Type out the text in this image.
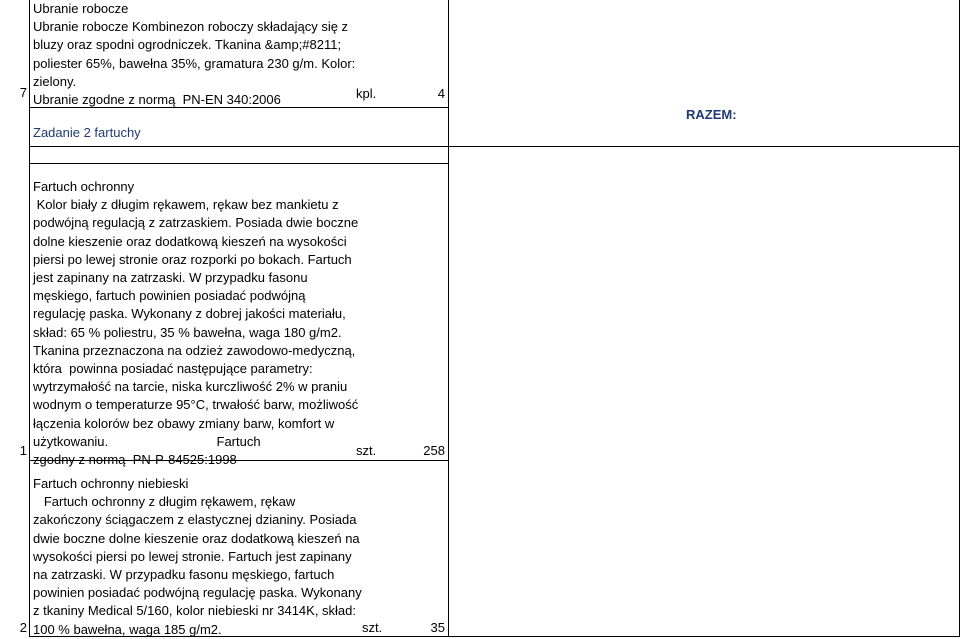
7
Ubranie robocze
Ubranie robocze Kombinezon roboczy składający się z
bluzy oraz spodni ogrodniczek. Tkanina &amp;#8211;
poliester 65%, bawełna 35%, gramatura 230 g/m. Kolor:
zielony.
Ubranie zgodne z normą  PN-EN 340:2006	kpl.	4
Zadanie 2 fartuchy
RAZEM:
1
Fartuch ochronny
Kolor biały z długim rękawem, rękaw bez mankietu z
podwójną regulacją z zatrzaskiem. Posiada dwie boczne
dolne kieszenie oraz dodatkową kieszeń na wysokości
piersi po lewej stronie oraz rozporki po bokach. Fartuch
jest zapinany na zatrzaski. W przypadku fasonu
męskiego, fartuch powinien posiadać podwójną
regulację paska. Wykonany z dobrej jakości materiału,
skład: 65 % poliestru, 35 % bawełna, waga 180 g/m2.
Tkanina przeznaczona na odzież zawodowo-medyczną,
która  powinna posiadać następujące parametry:
wytrzymałość na tarcie, niska kurczliwość 2% w praniu
wodnym o temperaturze 95°C, trwałość barw, możliwość
łączenia kolorów bez obawy zmiany barw, komfort w
użytkowaniu.                              Fartuch
zgodny z normą  PN-P-84525:1998
szt.	258
2
Fartuch ochronny niebieski
Fartuch ochronny z długim rękawem, rękaw
zakończony ściągaczem z elastycznej dzianiny. Posiada
dwie boczne dolne kieszenie oraz dodatkową kieszeń na
wysokości piersi po lewej stronie. Fartuch jest zapinany
na zatrzaski. W przypadku fasonu męskiego, fartuch
powinien posiadać podwójną regulację paska. Wykonany
z tkaniny Medical 5/160, kolor niebieski nr 3414K, skład:
100 % bawełna, waga 185 g/m2.	szt.	35
